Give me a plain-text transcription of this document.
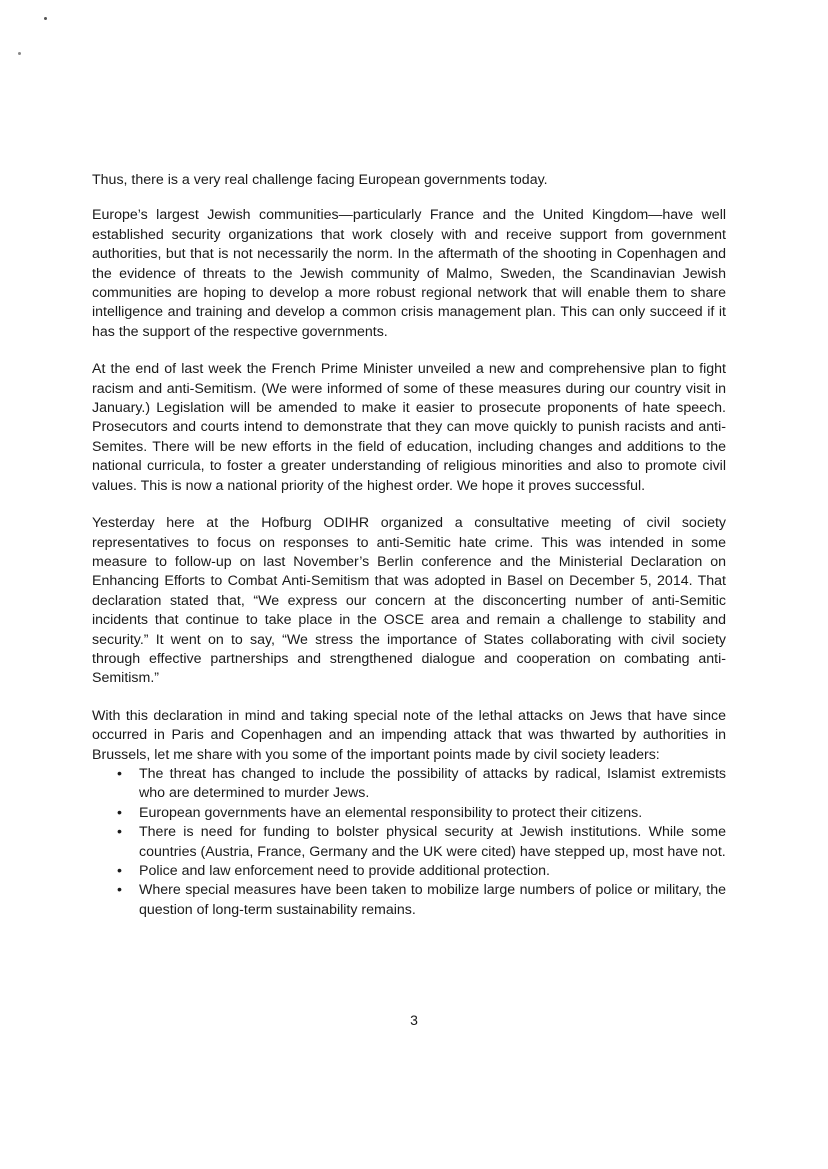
Thus, there is a very real challenge facing European governments today.

Europe’s largest Jewish communities—particularly France and the United Kingdom—have well established security organizations that work closely with and receive support from government authorities, but that is not necessarily the norm. In the aftermath of the shooting in Copenhagen and the evidence of threats to the Jewish community of Malmo, Sweden, the Scandinavian Jewish communities are hoping to develop a more robust regional network that will enable them to share intelligence and training and develop a common crisis management plan. This can only succeed if it has the support of the respective governments.

At the end of last week the French Prime Minister unveiled a new and comprehensive plan to fight racism and anti-Semitism. (We were informed of some of these measures during our country visit in January.) Legislation will be amended to make it easier to prosecute proponents of hate speech. Prosecutors and courts intend to demonstrate that they can move quickly to punish racists and anti-Semites. There will be new efforts in the field of education, including changes and additions to the national curricula, to foster a greater understanding of religious minorities and also to promote civil values. This is now a national priority of the highest order. We hope it proves successful.

Yesterday here at the Hofburg ODIHR organized a consultative meeting of civil society representatives to focus on responses to anti-Semitic hate crime. This was intended in some measure to follow-up on last November’s Berlin conference and the Ministerial Declaration on Enhancing Efforts to Combat Anti-Semitism that was adopted in Basel on December 5, 2014. That declaration stated that, “We express our concern at the disconcerting number of anti-Semitic incidents that continue to take place in the OSCE area and remain a challenge to stability and security.” It went on to say, “We stress the importance of States collaborating with civil society through effective partnerships and strengthened dialogue and cooperation on combating anti-Semitism.”

With this declaration in mind and taking special note of the lethal attacks on Jews that have since occurred in Paris and Copenhagen and an impending attack that was thwarted by authorities in Brussels, let me share with you some of the important points made by civil society leaders:

• The threat has changed to include the possibility of attacks by radical, Islamist extremists who are determined to murder Jews.
• European governments have an elemental responsibility to protect their citizens.
• There is need for funding to bolster physical security at Jewish institutions. While some countries (Austria, France, Germany and the UK were cited) have stepped up, most have not.
• Police and law enforcement need to provide additional protection.
• Where special measures have been taken to mobilize large numbers of police or military, the question of long-term sustainability remains.
3
